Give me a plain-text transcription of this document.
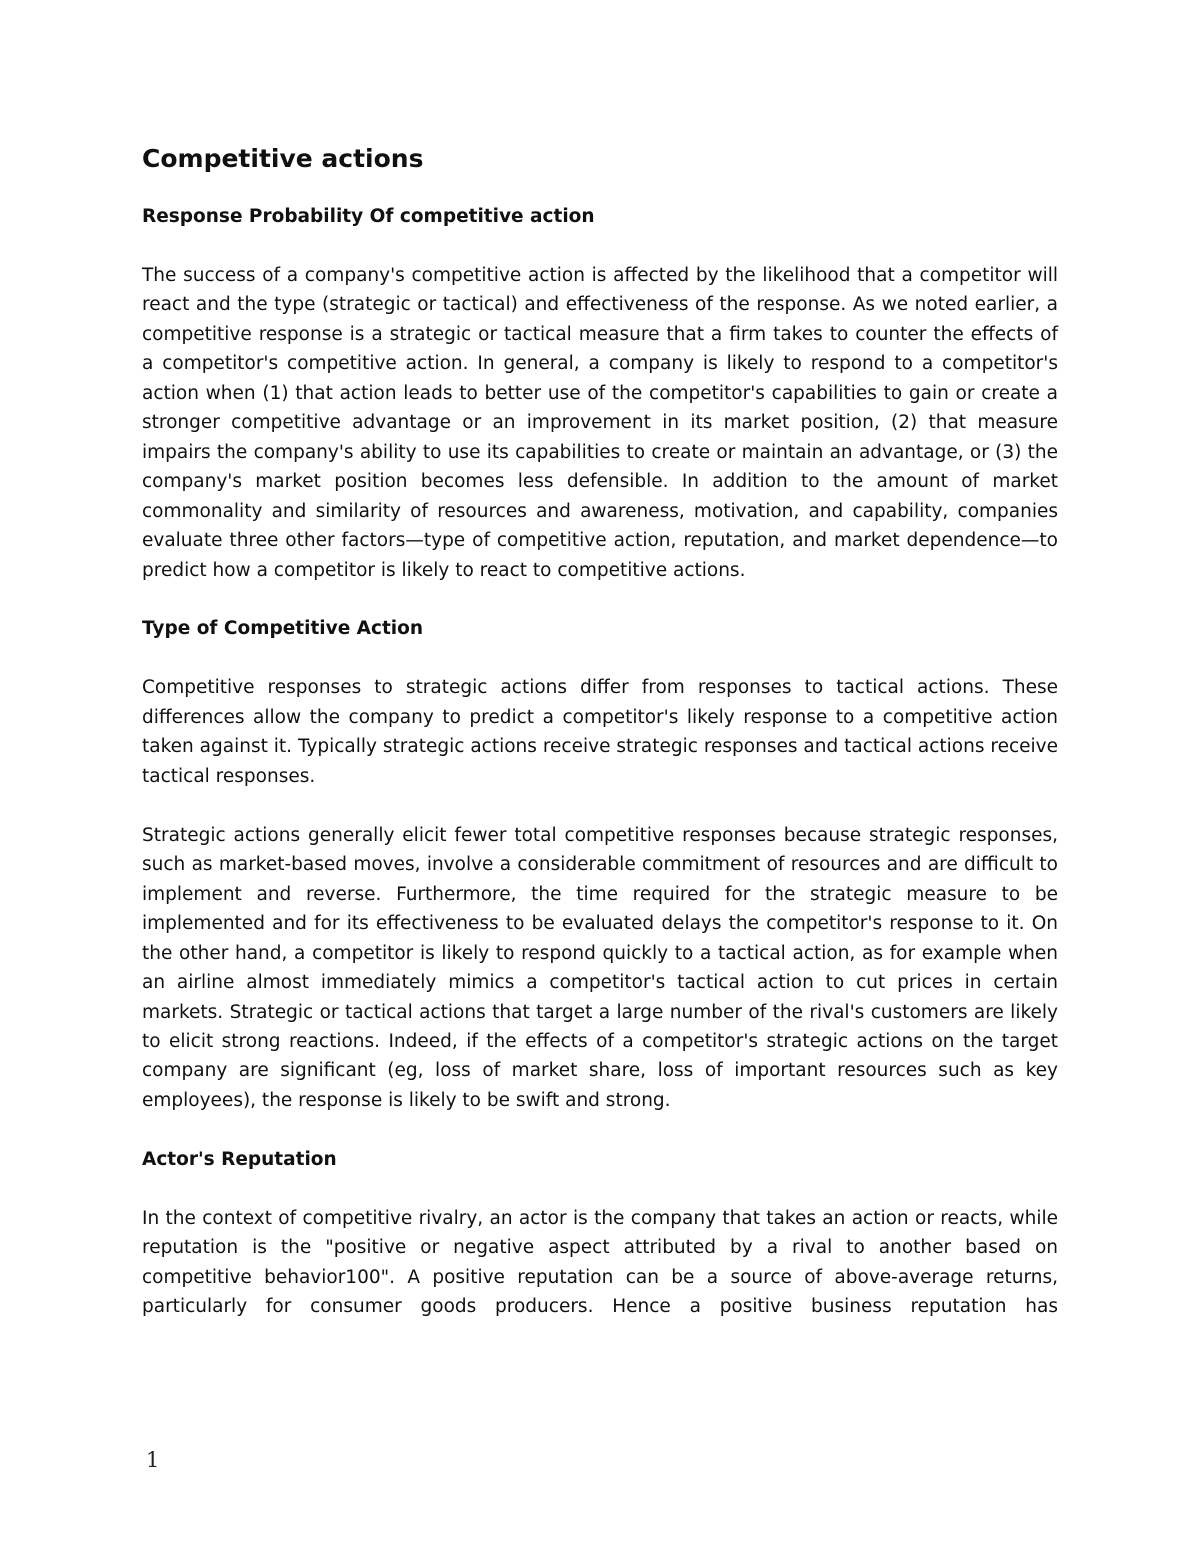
Competitive actions
Response Probability Of competitive action

The success of a company's competitive action is affected by the likelihood that a competitor will react and the type (strategic or tactical) and effectiveness of the response. As we noted earlier, a competitive response is a strategic or tactical measure that a firm takes to counter the effects of a competitor's competitive action. In general, a company is likely to respond to a competitor's action when (1) that action leads to better use of the competitor's capabilities to gain or create a stronger competitive advantage or an improvement in its market position, (2) that measure impairs the company's ability to use its capabilities to create or maintain an advantage, or (3) the company's market position becomes less defensible. In addition to the amount of market commonality and similarity of resources and awareness, motivation, and capability, companies evaluate three other factors—type of competitive action, reputation, and market dependence—to predict how a competitor is likely to react to competitive actions.

Type of Competitive Action

Competitive responses to strategic actions differ from responses to tactical actions. These differences allow the company to predict a competitor's likely response to a competitive action taken against it. Typically strategic actions receive strategic responses and tactical actions receive tactical responses.

Strategic actions generally elicit fewer total competitive responses because strategic responses, such as market-based moves, involve a considerable commitment of resources and are difficult to implement and reverse. Furthermore, the time required for the strategic measure to be implemented and for its effectiveness to be evaluated delays the competitor's response to it. On the other hand, a competitor is likely to respond quickly to a tactical action, as for example when an airline almost immediately mimics a competitor's tactical action to cut prices in certain markets. Strategic or tactical actions that target a large number of the rival's customers are likely to elicit strong reactions. Indeed, if the effects of a competitor's strategic actions on the target company are significant (eg, loss of market share, loss of important resources such as key employees), the response is likely to be swift and strong.

Actor's Reputation

In the context of competitive rivalry, an actor is the company that takes an action or reacts, while reputation is the "positive or negative aspect attributed by a rival to another based on competitive behavior100". A positive reputation can be a source of above-average returns, particularly for consumer goods producers. Hence a positive business reputation has

1
